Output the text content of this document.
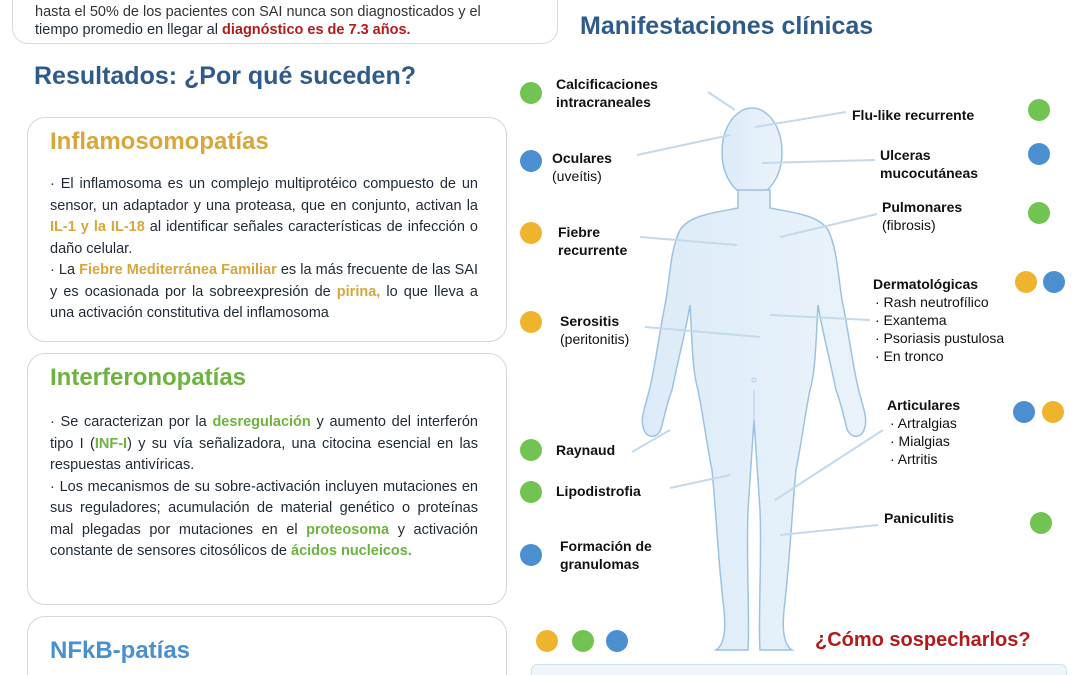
hasta el 50% de los pacientes con SAI nunca son diagnosticados y el
tiempo promedio en llegar al diagnóstico es de 7.3 años.	Manifestaciones clínicas
Resultados: ¿Por qué suceden?
Inflamosomopatías

· El inflamosoma es un complejo multiprotéico compuesto de un sensor, un adaptador y una proteasa, que en conjunto, activan la IL-1 y la IL-18 al identificar señales características de infección o daño celular.

· La Fiebre Mediterránea Familiar es la más frecuente de las SAI y es ocasionada por la sobreexpresión de pirina, lo que lleva a una activación constitutiva del inflamosoma

Interferonopatías

· Se caracterizan por la desregulación y aumento del interferón tipo I (INF-I) y su vía señalizadora, una citocina esencial en las respuestas antivíricas.

· Los mecanismos de su sobre-activación incluyen mutaciones en sus reguladores; acumulación de material genético o proteínas mal plegadas por mutaciones en el proteosoma y activación constante de sensores citosólicos de ácidos nucleicos.

NFkB-patías
Calcificaciones intracraneales
Oculares
(uveítis)
Fiebre recurrente
Serositis
(peritonitis)
Raynaud
Lipodistrofia
Formación de granulomas
Flu-like recurrente
Ulceras mucocutáneas
Pulmonares
(fibrosis)
Dermatológicas
· Rash neutrofílico
· Exantema
· Psoriasis pustulosa
· En tronco
Articulares
· Artralgias
· Mialgias
· Artritis
Paniculitis
¿Cómo sospecharlos?
